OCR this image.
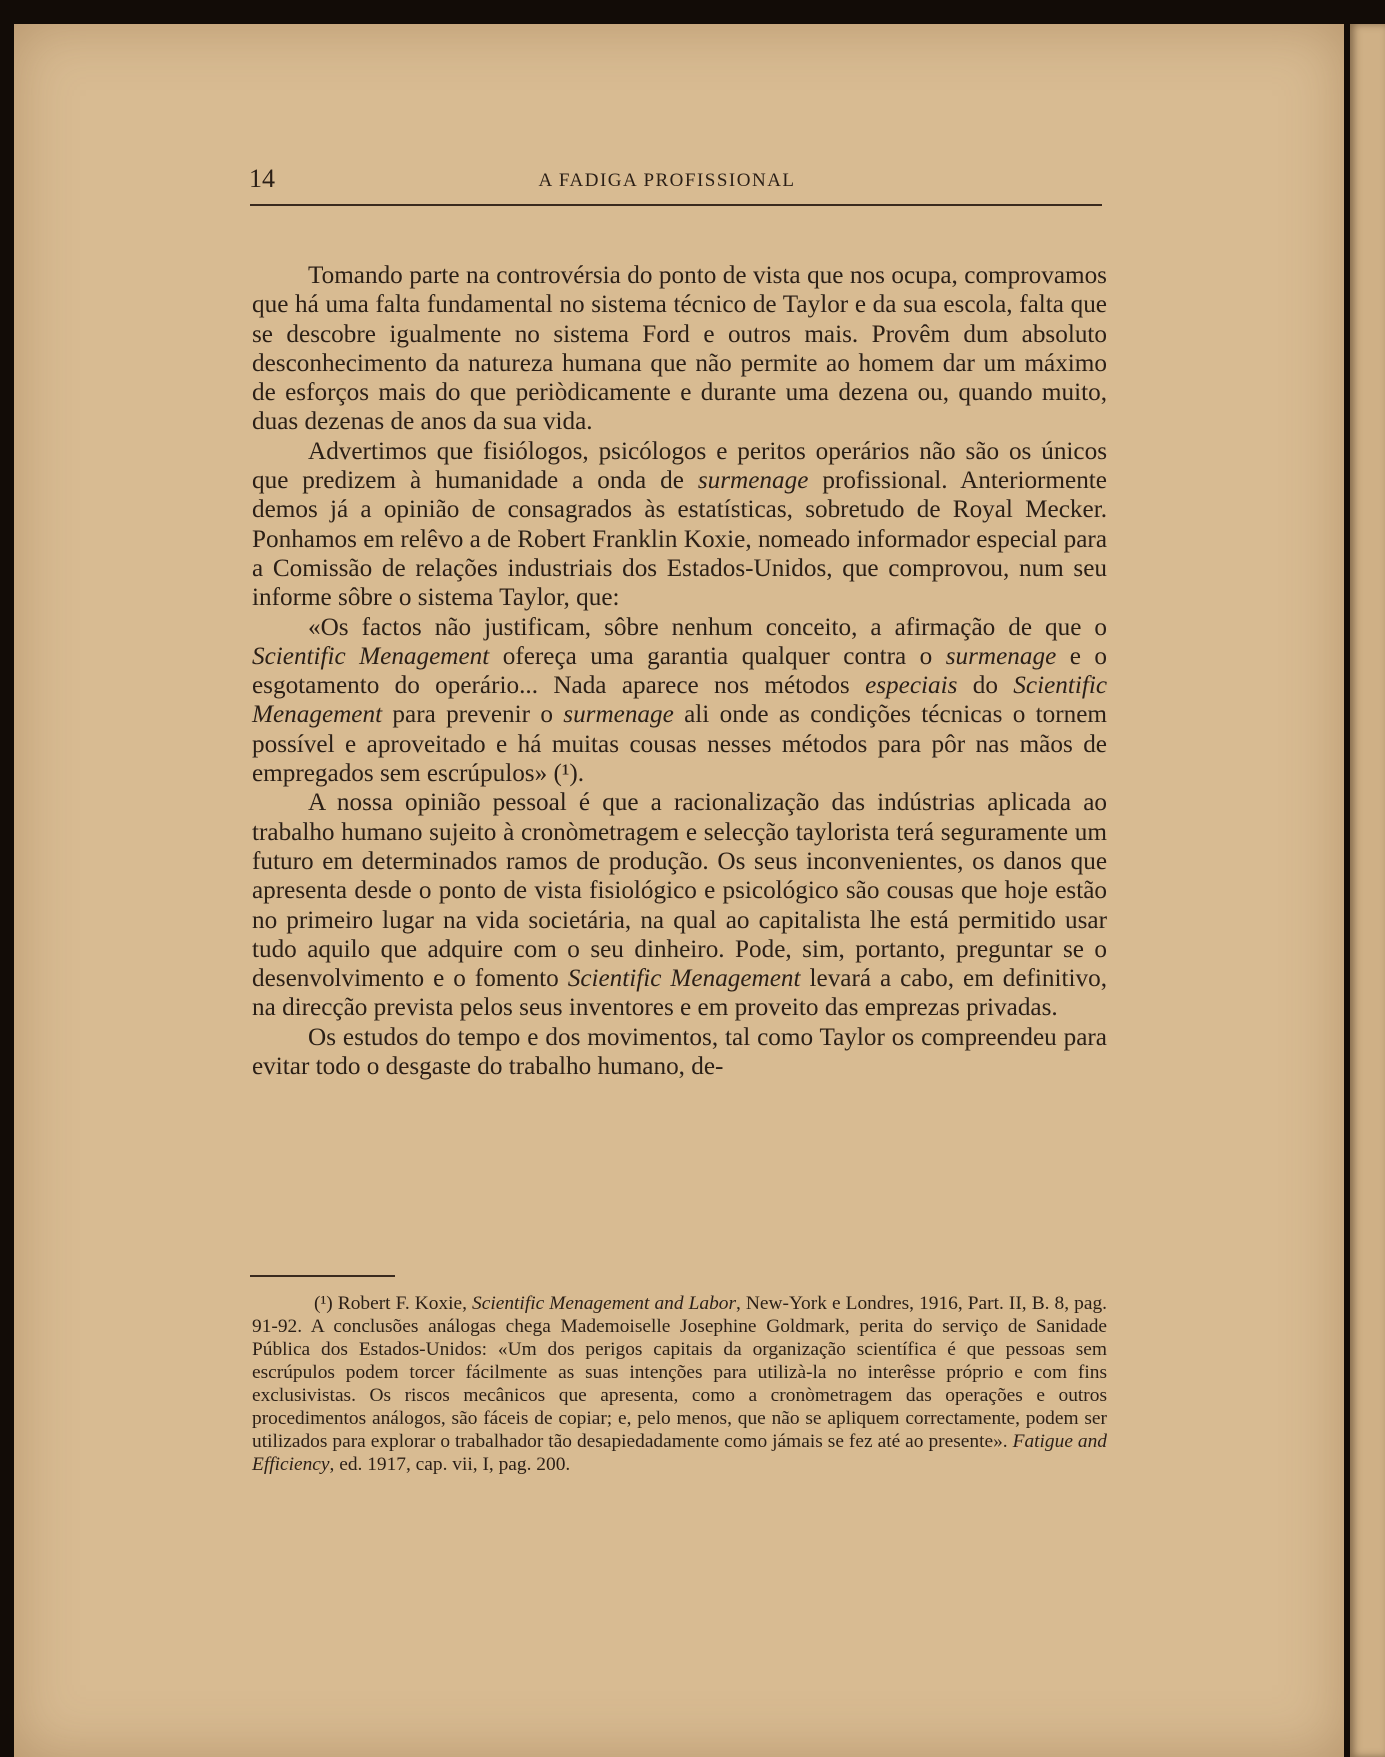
14	A FADIGA PROFISSIONAL

Tomando parte na controvérsia do ponto de vista que nos ocupa, comprovamos que há uma falta fundamental no sistema técnico de Taylor e da sua escola, falta que se descobre igualmente no sistema Ford e outros mais. Provêm dum absoluto desconhecimento da natureza humana que não permite ao homem dar um máximo de esforços mais do que periòdicamente e durante uma dezena ou, quando muito, duas dezenas de anos da sua vida.

Advertimos que fisiólogos, psicólogos e peritos operários não são os únicos que predizem à humanidade a onda de surmenage profissional. Anteriormente demos já a opinião de consagrados às estatísticas, sobretudo de Royal Mecker. Ponhamos em relêvo a de Robert Franklin Koxie, nomeado informador especial para a Comissão de relações industriais dos Estados-Unidos, que comprovou, num seu informe sôbre o sistema Taylor, que:

«Os factos não justificam, sôbre nenhum conceito, a afirmação de que o Scientific Menagement ofereça uma garantia qualquer contra o surmenage e o esgotamento do operário... Nada aparece nos métodos especiais do Scientific Menagement para prevenir o surmenage ali onde as condições técnicas o tornem possível e aproveitado e há muitas cousas nesses métodos para pôr nas mãos de empregados sem escrúpulos» (¹).

A nossa opinião pessoal é que a racionalização das indústrias aplicada ao trabalho humano sujeito à cronòmetragem e selecção taylorista terá seguramente um futuro em determinados ramos de produção. Os seus inconvenientes, os danos que apresenta desde o ponto de vista fisiológico e psicológico são cousas que hoje estão no primeiro lugar na vida societária, na qual ao capitalista lhe está permitido usar tudo aquilo que adquire com o seu dinheiro. Pode, sim, portanto, preguntar se o desenvolvimento e o fomento Scientific Menagement levará a cabo, em definitivo, na direcção prevista pelos seus inventores e em proveito das emprezas privadas.

Os estudos do tempo e dos movimentos, tal como Taylor os compreendeu para evitar todo o desgaste do trabalho humano, de-

(¹) Robert F. Koxie, Scientific Menagement and Labor, New-York e Londres, 1916, Part. II, B. 8, pag. 91-92. A conclusões análogas chega Mademoiselle Josephine Goldmark, perita do serviço de Sanidade Pública dos Estados-Unidos: «Um dos perigos capitais da organização scientífica é que pessoas sem escrúpulos podem torcer fácilmente as suas intenções para utilizà-la no interêsse próprio e com fins exclusivistas. Os riscos mecânicos que apresenta, como a cronòmetragem das operações e outros procedimentos análogos, são fáceis de copiar; e, pelo menos, que não se apliquem correctamente, podem ser utilizados para explorar o trabalhador tão desapiedadamente como jámais se fez até ao presente». Fatigue and Efficiency, ed. 1917, cap. vii, I, pag. 200.
